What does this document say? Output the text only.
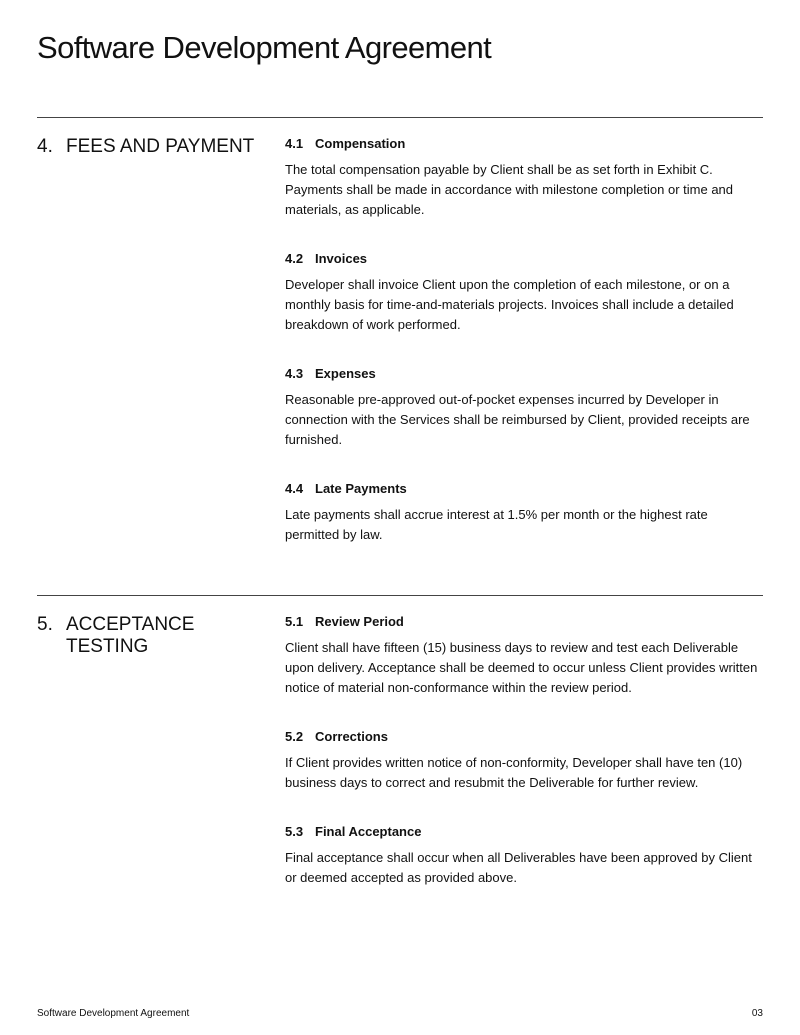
Software Development Agreement
4. FEES AND PAYMENT	4.1 Compensation

The total compensation payable by Client shall be as set forth in Exhibit C. Payments shall be made in accordance with milestone completion or time and materials, as applicable.

4.2 Invoices

Developer shall invoice Client upon the completion of each milestone, or on a monthly basis for time-and-materials projects. Invoices shall include a detailed breakdown of work performed.

4.3 Expenses

Reasonable pre-approved out-of-pocket expenses incurred by Developer in connection with the Services shall be reimbursed by Client, provided receipts are furnished.

4.4 Late Payments

Late payments shall accrue interest at 1.5% per month or the highest rate permitted by law.

5. ACCEPTANCE TESTING
5.1 Review Period

Client shall have fifteen (15) business days to review and test each Deliverable upon delivery. Acceptance shall be deemed to occur unless Client provides written notice of material non-conformance within the review period.

5.2 Corrections

If Client provides written notice of non-conformity, Developer shall have ten (10) business days to correct and resubmit the Deliverable for further review.

5.3 Final Acceptance

Final acceptance shall occur when all Deliverables have been approved by Client or deemed accepted as provided above.

Software Development Agreement	03
